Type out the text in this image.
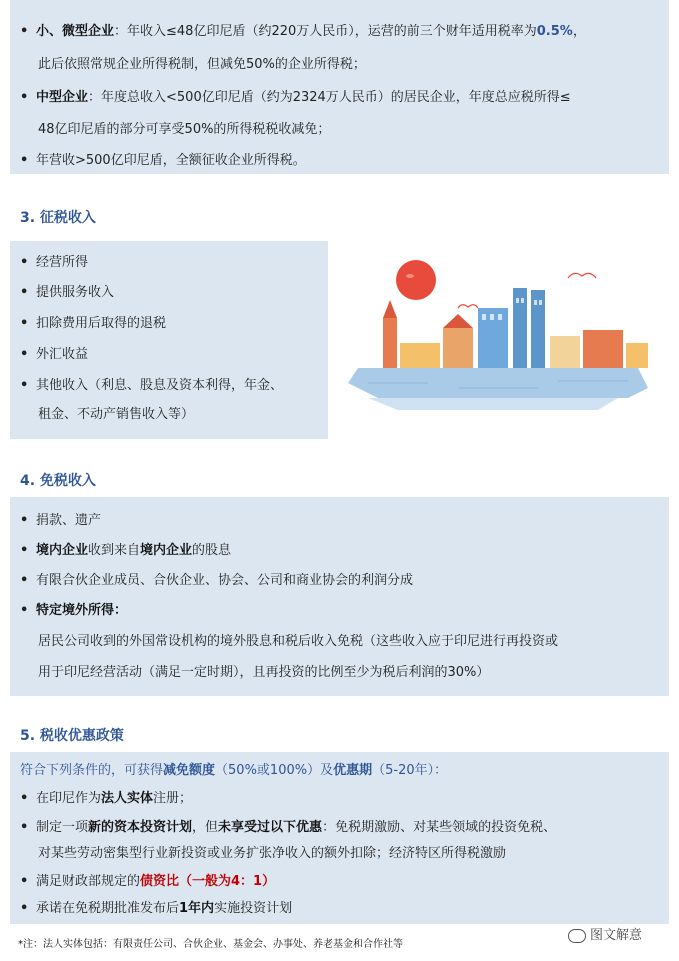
• 小、微型企业：年收入≤48亿印尼盾（约220万人民币），运营的前三个财年适用税率为0.5%，
此后依照常规企业所得税制，但减免50%的企业所得税；
• 中型企业：年度总收入<500亿印尼盾（约为2324万人民币）的居民企业，年度总应税所得≤
48亿印尼盾的部分可享受50%的所得税税收减免；
• 年营收>500亿印尼盾，全额征收企业所得税。
3. 征税收入
• 经营所得
• 提供服务收入
• 扣除费用后取得的退税
• 外汇收益
• 其他收入（利息、股息及资本利得，年金、
租金、不动产销售收入等）
4. 免税收入
• 捐款、遗产
• 境内企业收到来自境内企业的股息
• 有限合伙企业成员、合伙企业、协会、公司和商业协会的利润分成
• 特定境外所得：
居民公司收到的外国常设机构的境外股息和税后收入免税（这些收入应于印尼进行再投资或
用于印尼经营活动（满足一定时期），且再投资的比例至少为税后利润的30%）
5. 税收优惠政策
符合下列条件的，可获得减免额度（50%或100%）及优惠期（5-20年）：
• 在印尼作为法人实体注册；
• 制定一项新的资本投资计划，但未享受过以下优惠：免税期激励、对某些领域的投资免税、
对某些劳动密集型行业新投资或业务扩张净收入的额外扣除；经济特区所得税激励
• 满足财政部规定的债资比（一般为4：1）
• 承诺在免税期批准发布后1年内实施投资计划
图文解意
*注：法人实体包括：有限责任公司、合伙企业、基金会、办事处、养老基金和合作社等
